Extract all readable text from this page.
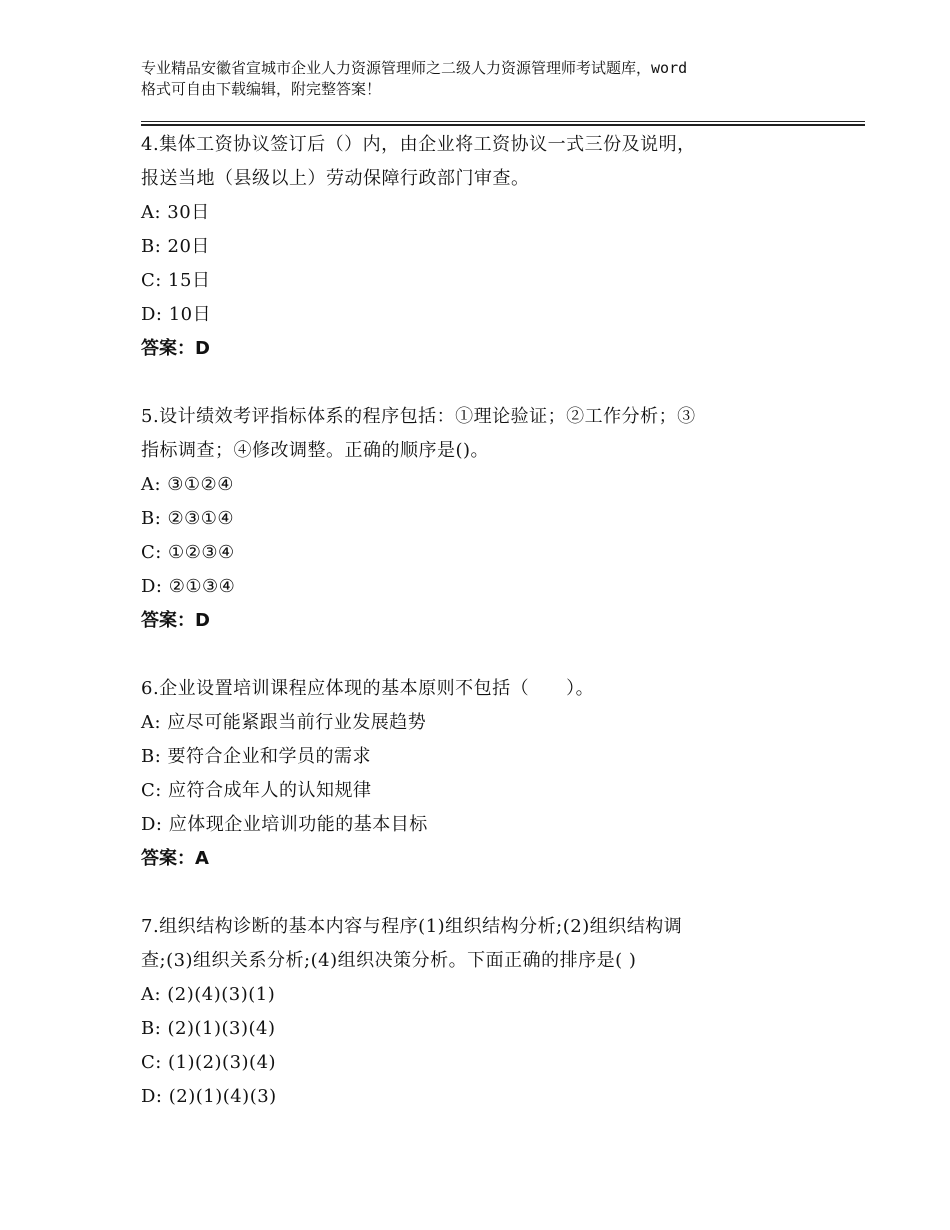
专业精品安徽省宣城市企业人力资源管理师之二级人力资源管理师考试题库，word
格式可自由下载编辑，附完整答案！
4.集体工资协议签订后（）内，由企业将工资协议一式三份及说明，
报送当地（县级以上）劳动保障行政部门审查。
A: 30日
B: 20日
C: 15日
D: 10日
答案：D
5.设计绩效考评指标体系的程序包括：①理论验证；②工作分析；③
指标调查；④修改调整。正确的顺序是()。
A: ③①②④
B: ②③①④
C: ①②③④
D: ②①③④
答案：D
6.企业设置培训课程应体现的基本原则不包括（　　）。
A: 应尽可能紧跟当前行业发展趋势
B: 要符合企业和学员的需求
C: 应符合成年人的认知规律
D: 应体现企业培训功能的基本目标
答案：A
7.组织结构诊断的基本内容与程序(1)组织结构分析;(2)组织结构调
查;(3)组织关系分析;(4)组织决策分析。下面正确的排序是( )
A: (2)(4)(3)(1)
B: (2)(1)(3)(4)
C: (1)(2)(3)(4)
D: (2)(1)(4)(3)
